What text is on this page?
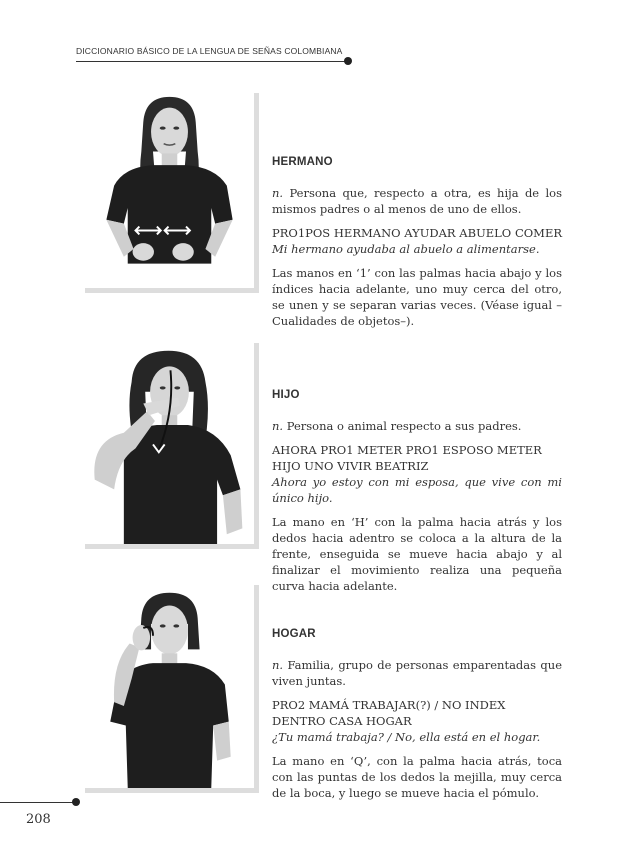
DICCIONARIO BÁSICO DE LA LENGUA DE SEÑAS COLOMBIANA
HERMANO

n. Persona que, respecto a otra, es hija de los mismos padres o al menos de uno de ellos.

PRO1POS HERMANO AYUDAR ABUELO COMER

Mi hermano ayudaba al abuelo a alimentarse.

Las manos en ‘1’ con las palmas hacia abajo y los índices hacia adelante, uno muy cerca del otro, se unen y se separan varias veces. (Véase igual –Cualidades de objetos–).

HIJO

n. Persona o animal respecto a sus padres.

AHORA PRO1 METER PRO1 ESPOSO METER HIJO UNO VIVIR BEATRIZ

Ahora yo estoy con mi esposa, que vive con mi único hijo.

La mano en ‘H’ con la palma hacia atrás y los dedos hacia adentro se coloca a la altura de la frente, enseguida se mueve hacia abajo y al finalizar el movimiento realiza una pequeña curva hacia adelante.

HOGAR

n. Familia, grupo de personas emparentadas que viven juntas.

PRO2 MAMÁ TRABAJAR(?) / NO INDEX DENTRO CASA HOGAR

¿Tu mamá trabaja? / No, ella está en el hogar.

La mano en ‘Q’, con la palma hacia atrás, toca con las puntas de los dedos la mejilla, muy cerca de la boca, y luego se mueve hacia el pómulo.

208
